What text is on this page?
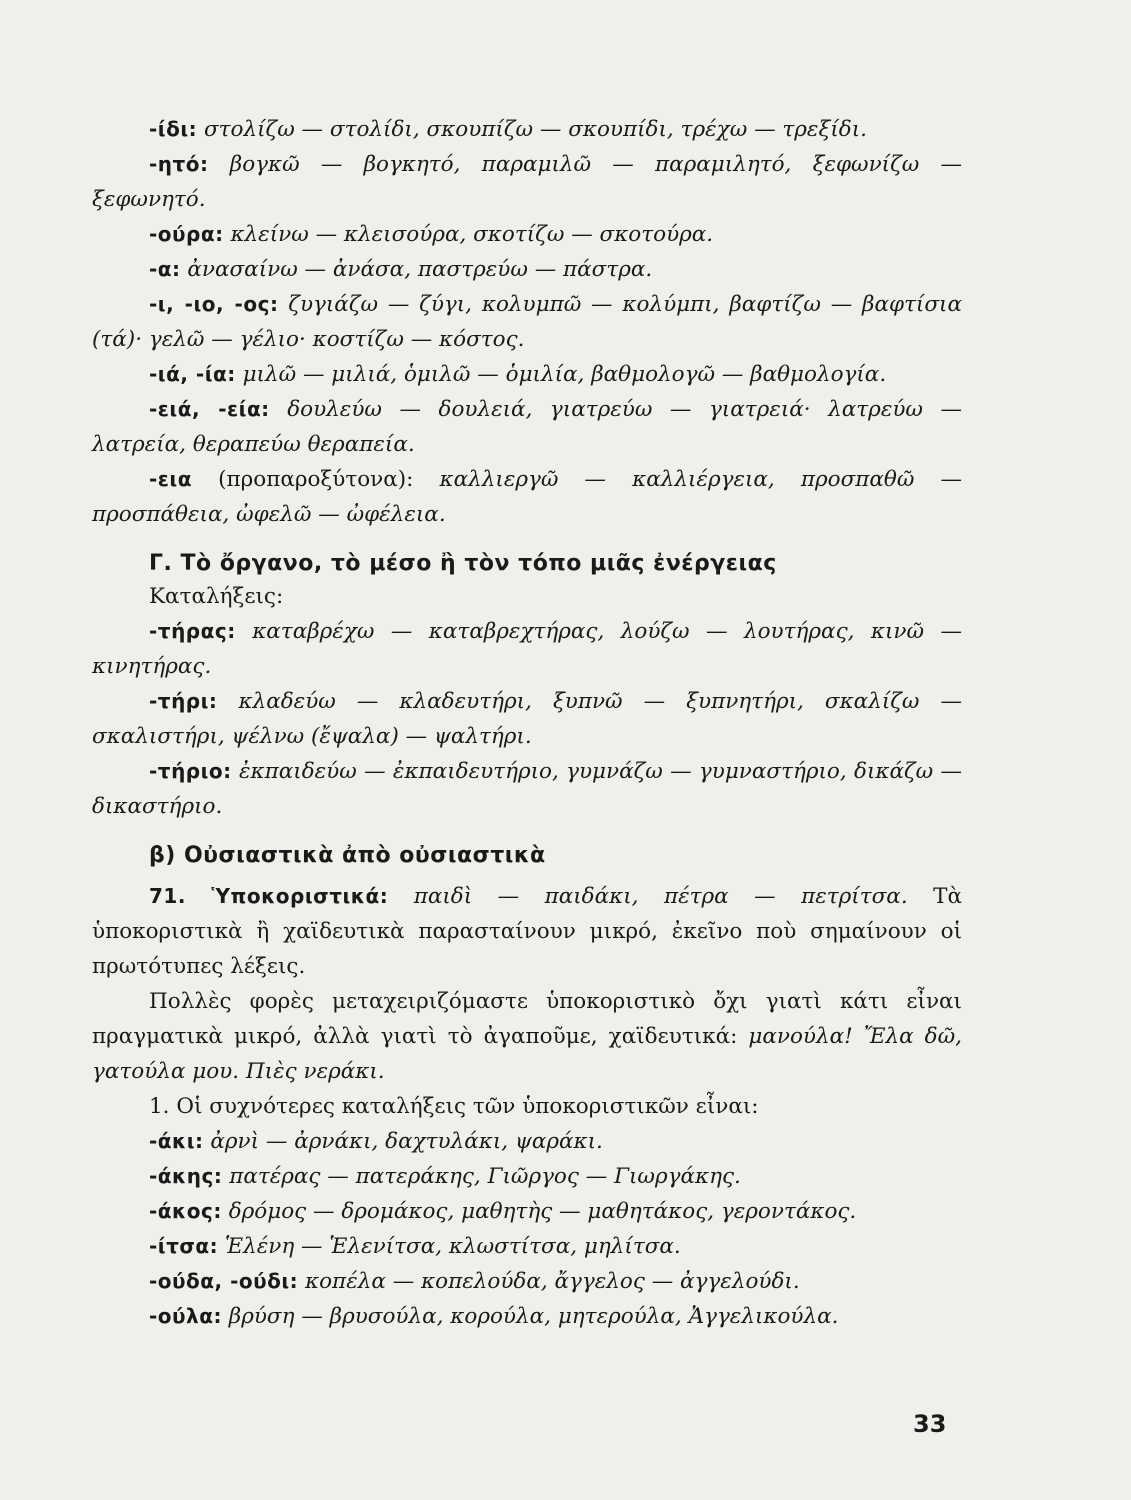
-ίδι: στολίζω — στολίδι, σκουπίζω — σκουπίδι, τρέχω — τρεξίδι.

-ητό: βογκῶ — βογκητό, παραμιλῶ — παραμιλητό, ξεφωνίζω — ξεφωνητό.

-ούρα: κλείνω — κλεισούρα, σκοτίζω — σκοτούρα.

-α: ἀνασαίνω — ἀνάσα, παστρεύω — πάστρα.

-ι, -ιο, -ος: ζυγιάζω — ζύγι, κολυμπῶ — κολύμπι, βαφτίζω — βαφτίσια (τά)· γελῶ — γέλιο· κοστίζω — κόστος.

-ιά, -ία: μιλῶ — μιλιά, ὁμιλῶ — ὁμιλία, βαθμολογῶ — βαθμολογία.

-ειά, -εία: δουλεύω — δουλειά, γιατρεύω — γιατρειά· λατρεύω — λατρεία, θεραπεύω θεραπεία.

-εια (προπαροξύτονα): καλλιεργῶ — καλλιέργεια, προσπαθῶ — προσπάθεια, ὠφελῶ — ὠφέλεια.

Γ. Τὸ ὄργανο, τὸ μέσο ἢ τὸν τόπο μιᾶς ἐνέργειας

Καταλήξεις:

-τήρας: καταβρέχω — καταβρεχτήρας, λούζω — λουτήρας, κινῶ — κινητήρας.

-τήρι: κλαδεύω — κλαδευτήρι, ξυπνῶ — ξυπνητήρι, σκαλίζω — σκαλιστήρι, ψέλνω (ἔψαλα) — ψαλτήρι.

-τήριο: ἐκπαιδεύω — ἐκπαιδευτήριο, γυμνάζω — γυμναστήριο, δικάζω — δικαστήριο.

β) Οὐσιαστικὰ ἀπὸ οὐσιαστικὰ

71. Ὑποκοριστικά: παιδὶ — παιδάκι, πέτρα — πετρίτσα. Τὰ ὑποκοριστικὰ ἢ χαϊδευτικὰ παρασταίνουν μικρό, ἐκεῖνο ποὺ σημαίνουν οἱ πρωτότυπες λέξεις.

Πολλὲς φορὲς μεταχειριζόμαστε ὑποκοριστικὸ ὄχι γιατὶ κάτι εἶναι πραγματικὰ μικρό, ἀλλὰ γιατὶ τὸ ἀγαποῦμε, χαϊδευτικά: μανούλα! Ἔλα δῶ, γατούλα μου. Πιὲς νεράκι.

1. Οἱ συχνότερες καταλήξεις τῶν ὑποκοριστικῶν εἶναι:

-άκι: ἀρνὶ — ἀρνάκι, δαχτυλάκι, ψαράκι.

-άκης: πατέρας — πατεράκης, Γιῶργος — Γιωργάκης.

-άκος: δρόμος — δρομάκος, μαθητὴς — μαθητάκος, γεροντάκος.

-ίτσα: Ἑλένη — Ἑλενίτσα, κλωστίτσα, μηλίτσα.

-ούδα, -ούδι: κοπέλα — κοπελούδα, ἄγγελος — ἀγγελούδι.

-ούλα: βρύση — βρυσούλα, κορούλα, μητερούλα, Ἀγγελικούλα.

33
